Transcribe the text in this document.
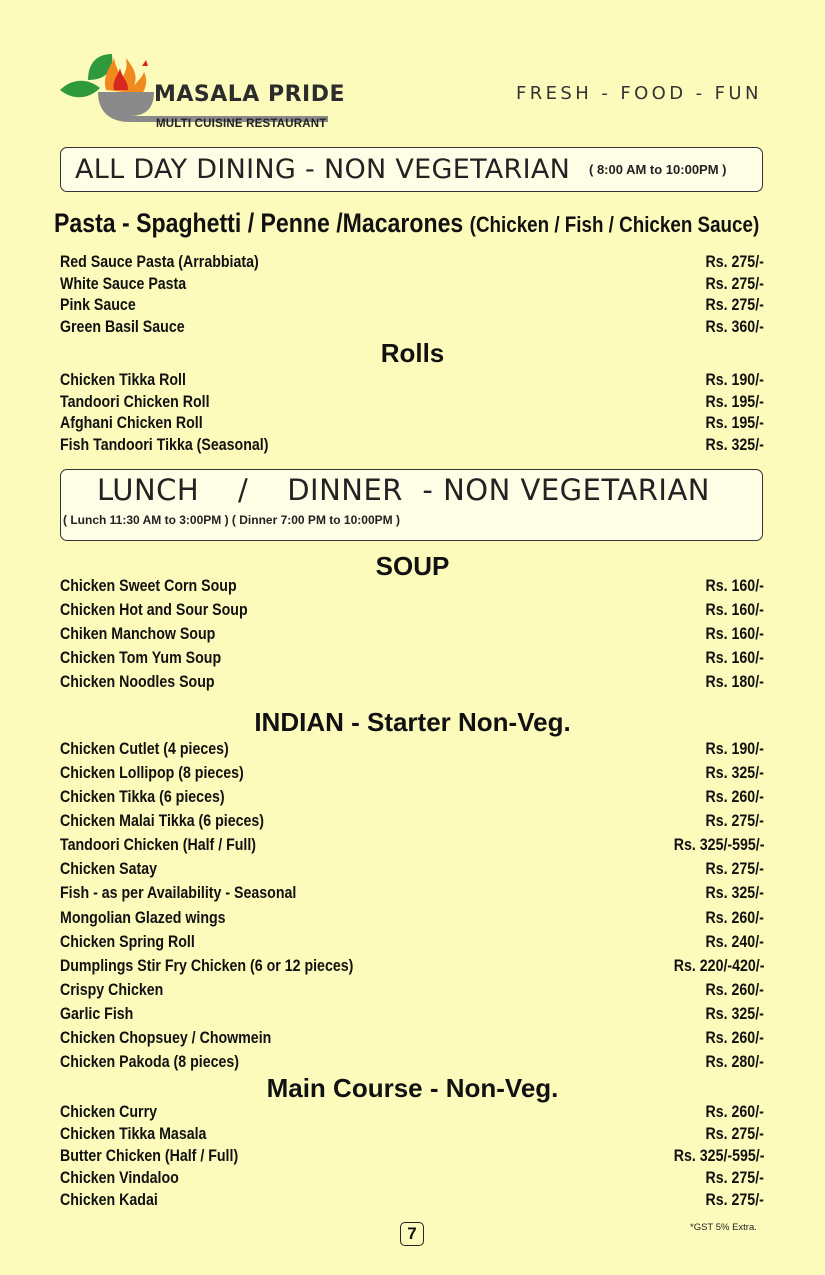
MASALA PRIDE
MULTI CUISINE RESTAURANT
FRESH - FOOD - FUN
ALL DAY DINING - NON VEGETARIAN ( 8:00 AM to 10:00PM )
Pasta - Spaghetti / Penne /Macarones (Chicken / Fish / Chicken Sauce)
Red Sauce Pasta (Arrabbiata)	Rs. 275/-
White Sauce Pasta	Rs. 275/-
Pink Sauce	Rs. 275/-
Green Basil Sauce	Rs. 360/-
Rolls
Chicken Tikka Roll	Rs. 190/-
Tandoori Chicken Roll	Rs. 195/-
Afghani Chicken Roll	Rs. 195/-
Fish Tandoori Tikka (Seasonal)	Rs. 325/-
LUNCH    /    DINNER  - NON VEGETARIAN
( Lunch 11:30 AM to 3:00PM ) ( Dinner 7:00 PM to 10:00PM )
SOUP
Chicken Sweet Corn Soup	Rs. 160/-
Chicken Hot and Sour Soup	Rs. 160/-
Chiken Manchow Soup	Rs. 160/-
Chicken Tom Yum Soup	Rs. 160/-
Chicken Noodles Soup	Rs. 180/-
INDIAN - Starter Non-Veg.
Chicken Cutlet (4 pieces)	Rs. 190/-
Chicken Lollipop (8 pieces)	Rs. 325/-
Chicken Tikka (6 pieces)	Rs. 260/-
Chicken Malai Tikka (6 pieces)	Rs. 275/-
Tandoori Chicken (Half / Full)	Rs. 325/-595/-
Chicken Satay	Rs. 275/-
Fish - as per Availability - Seasonal	Rs. 325/-
Mongolian Glazed wings	Rs. 260/-
Chicken Spring Roll	Rs. 240/-
Dumplings Stir Fry Chicken (6 or 12 pieces)	Rs. 220/-420/-
Crispy Chicken	Rs. 260/-
Garlic Fish	Rs. 325/-
Chicken Chopsuey / Chowmein	Rs. 260/-
Chicken Pakoda (8 pieces)	Rs. 280/-
Main Course - Non-Veg.
Chicken Curry	Rs. 260/-
Chicken Tikka Masala	Rs. 275/-
Butter Chicken (Half / Full)	Rs. 325/-595/-
Chicken Vindaloo	Rs. 275/-
Chicken Kadai	Rs. 275/-
7	*GST 5% Extra.
